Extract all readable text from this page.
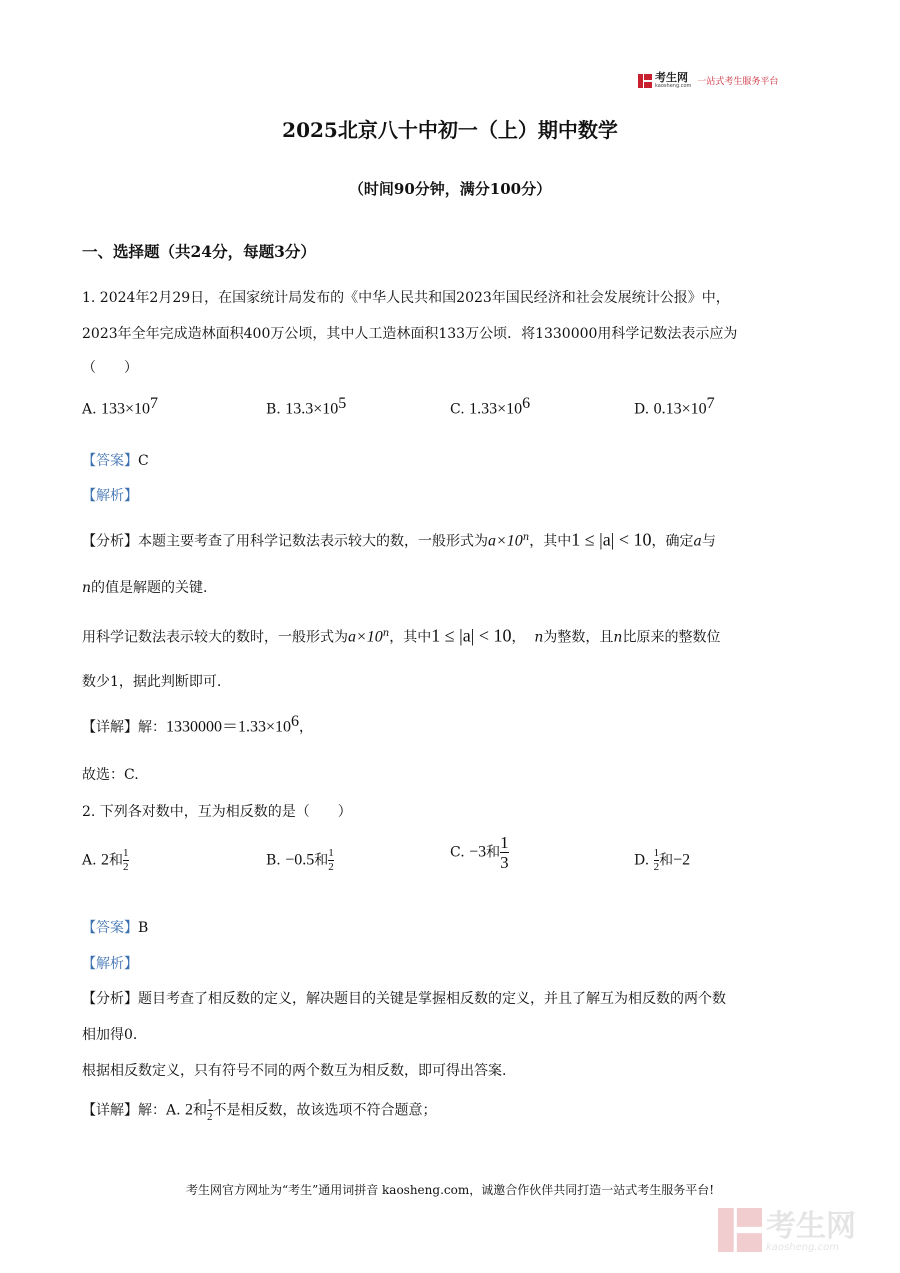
考生网
kaosheng.com 一站式考生服务平台
2025北京八十中初一（上）期中数学
（时间90分钟，满分100分）
一、选择题（共24分，每题3分）
1. 2024年2月29日，在国家统计局发布的《中华人民共和国2023年国民经济和社会发展统计公报》中，
2023年全年完成造林面积400万公顷，其中人工造林面积133万公顷．将1330000用科学记数法表示应为
（　　）
A. $133\times 10^7$	B. $13.3\times 10^5$	C. $1.33\times 10^6$	D. $0.13\times 10^7$
【答案】C
【解析】
【分析】本题主要考查了用科学记数法表示较大的数，一般形式为$a\times 10^n$，其中1 ≤ |a| < 10，确定a与
n的值是解题的关键.
用科学记数法表示较大的数时，一般形式为$a\times 10^n$，其中1 ≤ |a| < 10， n为整数，且n比原来的整数位
数少1，据此判断即可.
【详解】解：$1330000=1.33\times 10^6$，
故选：C.
2. 下列各对数中，互为相反数的是（　　）
A. 2和 $\frac{1}{2}$	B. −0.5和 $\frac{1}{2}$	C. −3和 $\frac{1}{3}$	D. $\frac{1}{2}$ 和−2
【答案】B
【解析】
【分析】题目考查了相反数的定义，解决题目的关键是掌握相反数的定义，并且了解互为相反数的两个数
相加得0.
根据相反数定义，只有符号不同的两个数互为相反数，即可得出答案.
【详解】解：A. 2和 $\frac{1}{2}$ 不是相反数，故该选项不符合题意；
考生网官方网址为“考生”通用词拼音 kaosheng.com，诚邀合作伙伴共同打造一站式考生服务平台!
考生网
kaosheng.com
